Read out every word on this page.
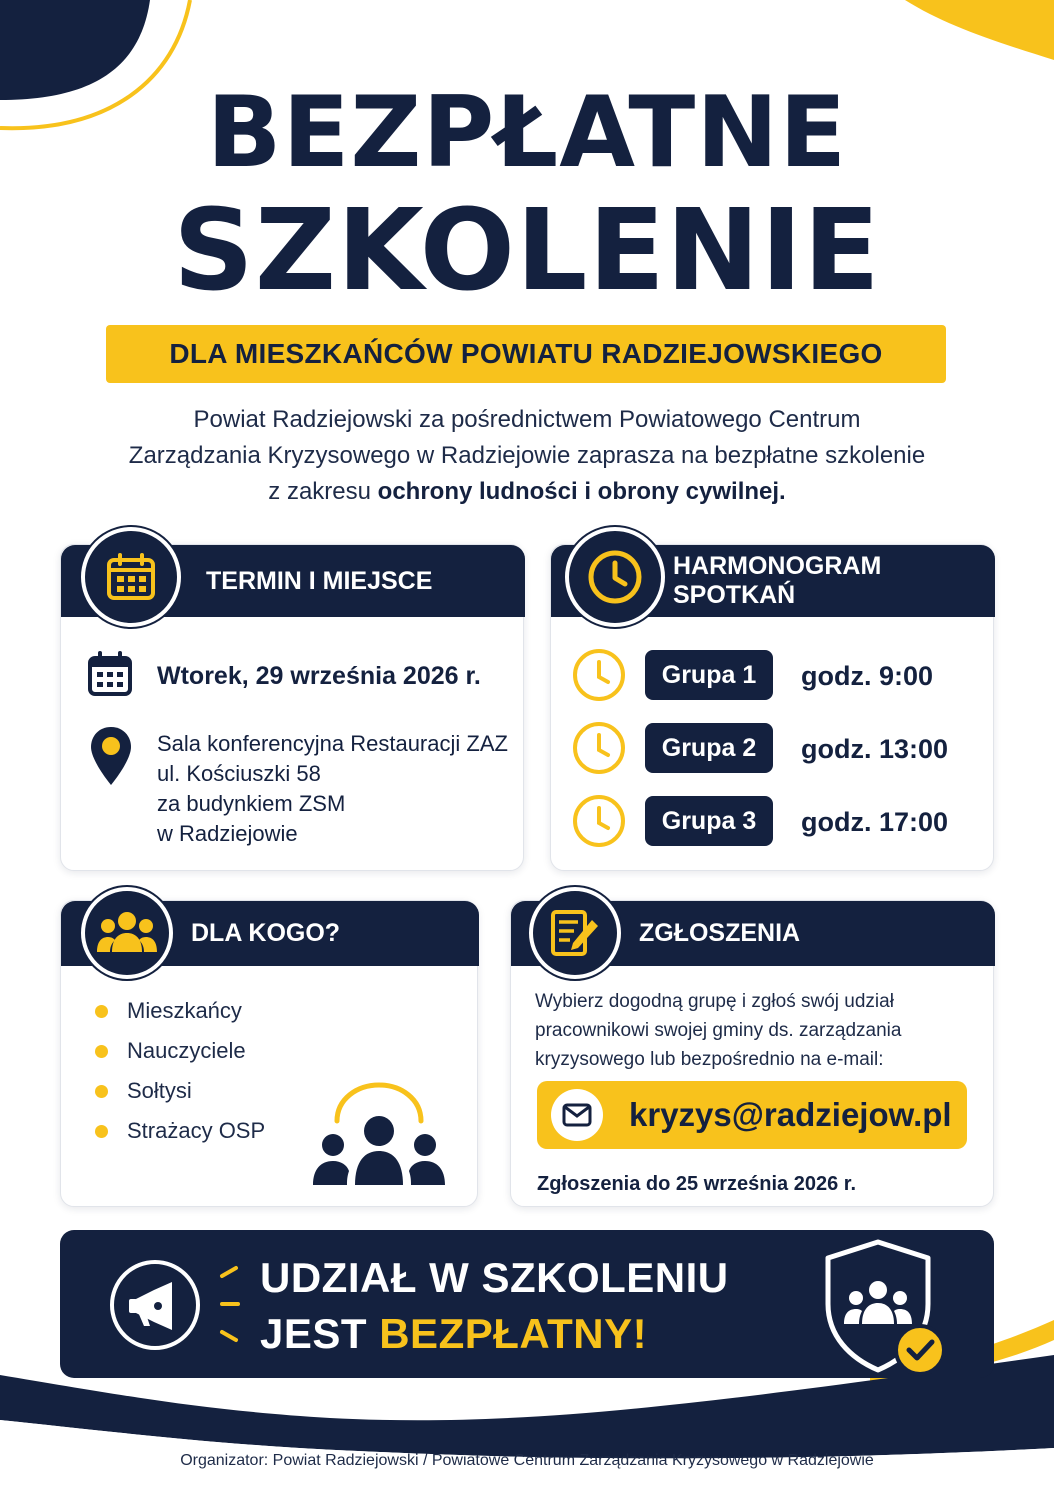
BEZPŁATNE
SZKOLENIE
DLA MIESZKAŃCÓW POWIATU RADZIEJOWSKIEGO
Powiat Radziejowski za pośrednictwem Powiatowego Centrum
Zarządzania Kryzysowego w Radziejowie zaprasza na bezpłatne szkolenie
z zakresu ochrony ludności i obrony cywilnej.
TERMIN I MIEJSCE
Wtorek, 29 września 2026 r.
Sala konferencyjna Restauracji ZAZ
ul. Kościuszki 58
za budynkiem ZSM
w Radziejowie
HARMONOGRAM SPOTKAŃ
Grupa 1 godz. 9:00
Grupa 2 godz. 13:00
Grupa 3 godz. 17:00
DLA KOGO?
Mieszkańcy
Nauczyciele
Sołtysi
Strażacy OSP
ZGŁOSZENIA
Wybierz dogodną grupę i zgłoś swój udział
pracownikowi swojej gminy ds. zarządzania
kryzysowego lub bezpośrednio na e-mail:
kryzys@radziejow.pl
Zgłoszenia do 25 września 2026 r.
UDZIAŁ W SZKOLENIU
JEST BEZPŁATNY!
Organizator: Powiat Radziejowski / Powiatowe Centrum Zarządzania Kryzysowego w Radziejowie
